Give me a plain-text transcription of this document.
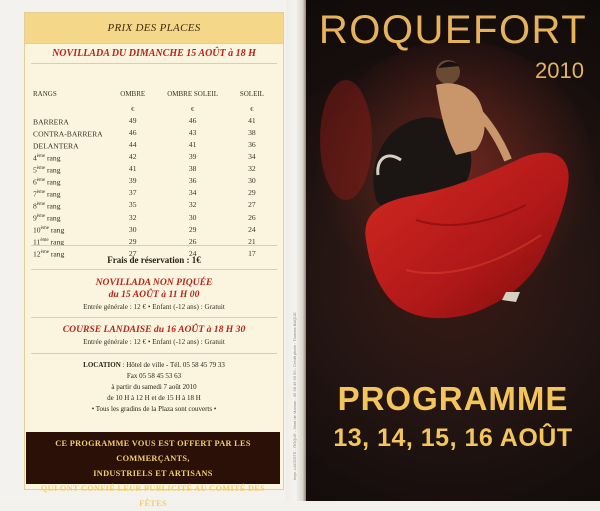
PRIX DES PLACES
NOVILLADA DU DIMANCHE 15 AOÛT à 18 H
RANGS	OMBRE	OMBRE SOLEIL	SOLEIL
	€	€	€
BARRERA	49	46	41
CONTRA-BARRERA	46	43	38
DELANTERA	44	41	36
4ème rang	42	39	34
5ème rang	41	38	32
6ème rang	39	36	30
7ème rang	37	34	29
8ème rang	35	32	27
9ème rang	32	30	26
10ème rang	30	29	24
11ème rang	29	26	21
12ème rang	27	24	17
Frais de réservation : 1€
NOVILLADA NON PIQUÉE
du 15 AOÛT à 11 H 00
Entrée générale : 12 € • Enfant (-12 ans) : Gratuit
COURSE LANDAISE du 16 AOÛT à 18 H 30
Entrée générale : 12 € • Enfant (-12 ans) : Gratuit
LOCATION : Hôtel de ville - Tél. 05 58 45 79 33
Fax 05 58 45 53 63
à partir du samedi 7 août 2010
de 10 H à 12 H et de 15 H à 18 H
• Tous les gradins de la Plaza sont couverts •
CE PROGRAMME VOUS EST OFFERT PAR LES COMMERÇANTS,
INDUSTRIELS ET ARTISANS
QUI ONT CONFIÉ LEUR PUBLICITÉ AU COMITÉ DES FÊTES
Impr. LACOSTE - ROQUE - Mont de Marsan - 05 58 46 59 50 - Crédit photo : Thomas BAQUE
ROQUEFORT
2010
PROGRAMME
13, 14, 15, 16 AOÛT
